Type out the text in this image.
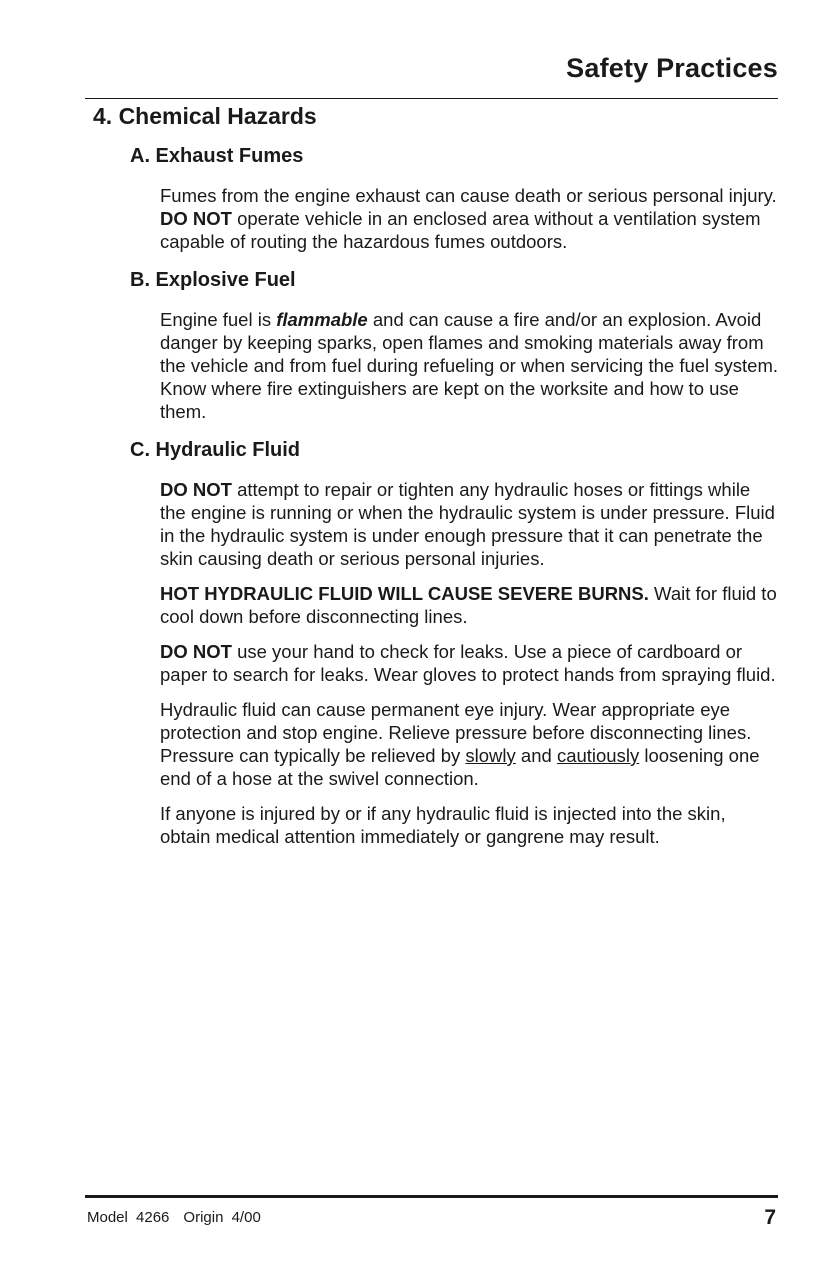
Safety Practices
4. Chemical Hazards
A. Exhaust Fumes

Fumes from the engine exhaust can cause death or serious personal injury. DO NOT operate vehicle in an enclosed area without a ventilation system capable of routing the hazardous fumes outdoors.

B. Explosive Fuel

Engine fuel is flammable and can cause a fire and/or an explosion. Avoid danger by keeping sparks, open flames and smoking materials away from the vehicle and from fuel during refueling or when servicing the fuel system. Know where fire extinguishers are kept on the worksite and how to use them.

C. Hydraulic Fluid

DO NOT attempt to repair or tighten any hydraulic hoses or fittings while the engine is running or when the hydraulic system is under pressure. Fluid in the hydraulic system is under enough pressure that it can penetrate the skin causing death or serious personal injuries.

HOT HYDRAULIC FLUID WILL CAUSE SEVERE BURNS. Wait for fluid to cool down before disconnecting lines.

DO NOT use your hand to check for leaks. Use a piece of cardboard or paper to search for leaks. Wear gloves to protect hands from spraying fluid.

Hydraulic fluid can cause permanent eye injury. Wear appropriate eye protection and stop engine. Relieve pressure before disconnecting lines. Pressure can typically be relieved by slowly and cautiously loosening one end of a hose at the swivel connection.

If anyone is injured by or if any hydraulic fluid is injected into the skin, obtain medical attention immediately or gangrene may result.

Model 4266 Origin 4/00	7
